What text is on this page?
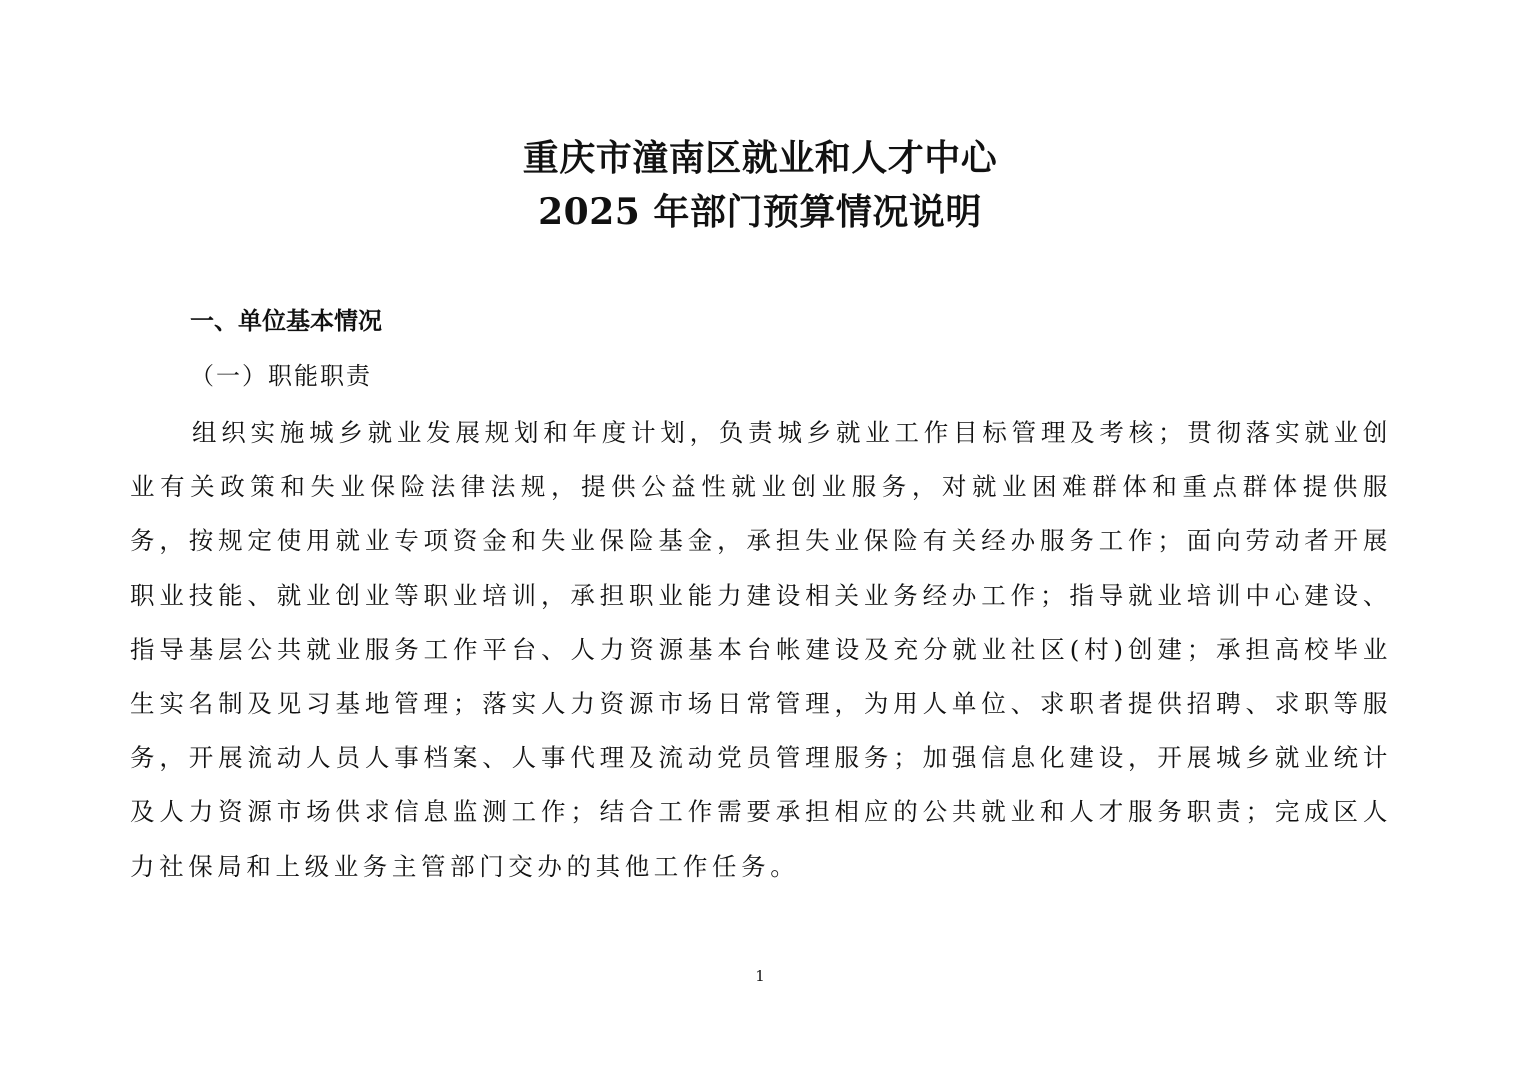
重庆市潼南区就业和人才中心
2025 年部门预算情况说明
一、单位基本情况
（一）职能职责

组织实施城乡就业发展规划和年度计划，负责城乡就业工作目标管理及考核；贯彻落实就业创业有关政策和失业保险法律法规，提供公益性就业创业服务，对就业困难群体和重点群体提供服务，按规定使用就业专项资金和失业保险基金，承担失业保险有关经办服务工作；面向劳动者开展职业技能、就业创业等职业培训，承担职业能力建设相关业务经办工作；指导就业培训中心建设、指导基层公共就业服务工作平台、人力资源基本台帐建设及充分就业社区(村)创建；承担高校毕业生实名制及见习基地管理；落实人力资源市场日常管理，为用人单位、求职者提供招聘、求职等服务，开展流动人员人事档案、人事代理及流动党员管理服务；加强信息化建设，开展城乡就业统计及人力资源市场供求信息监测工作；结合工作需要承担相应的公共就业和人才服务职责；完成区人力社保局和上级业务主管部门交办的其他工作任务。

1
